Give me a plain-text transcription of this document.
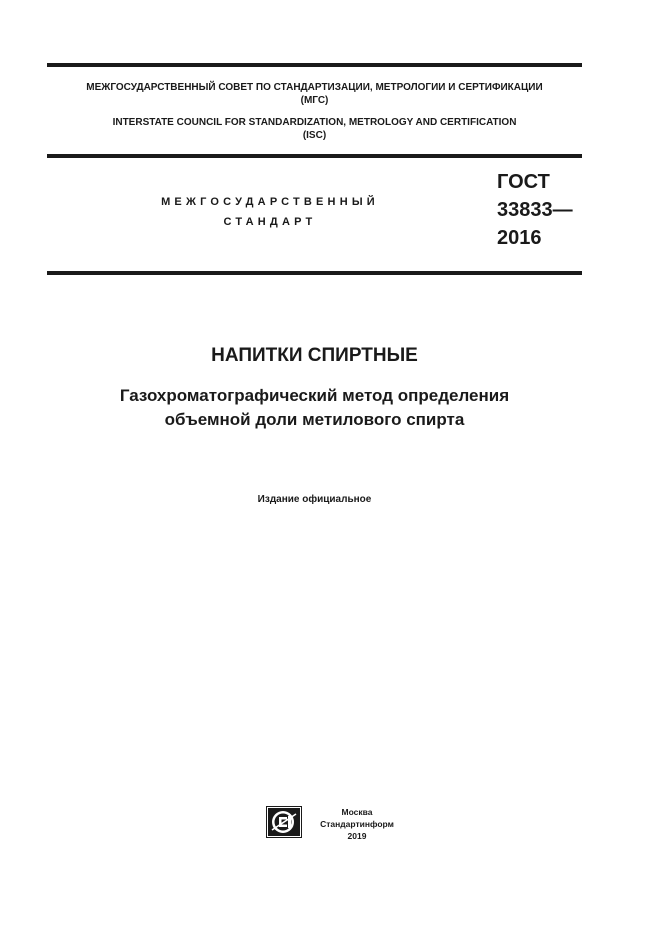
МЕЖГОСУДАРСТВЕННЫЙ СОВЕТ ПО СТАНДАРТИЗАЦИИ, МЕТРОЛОГИИ И СЕРТИФИКАЦИИ
(МГС)
INTERSTATE COUNCIL FOR STANDARDIZATION, METROLOGY AND CERTIFICATION
(ISC)
МЕЖГОСУДАРСТВЕННЫЙ
СТАНДАРТ
ГОСТ
33833—
2016
НАПИТКИ СПИРТНЫЕ
Газохроматографический метод определения
объемной доли метилового спирта
Издание официальное
Москва
Стандартинформ
2019
